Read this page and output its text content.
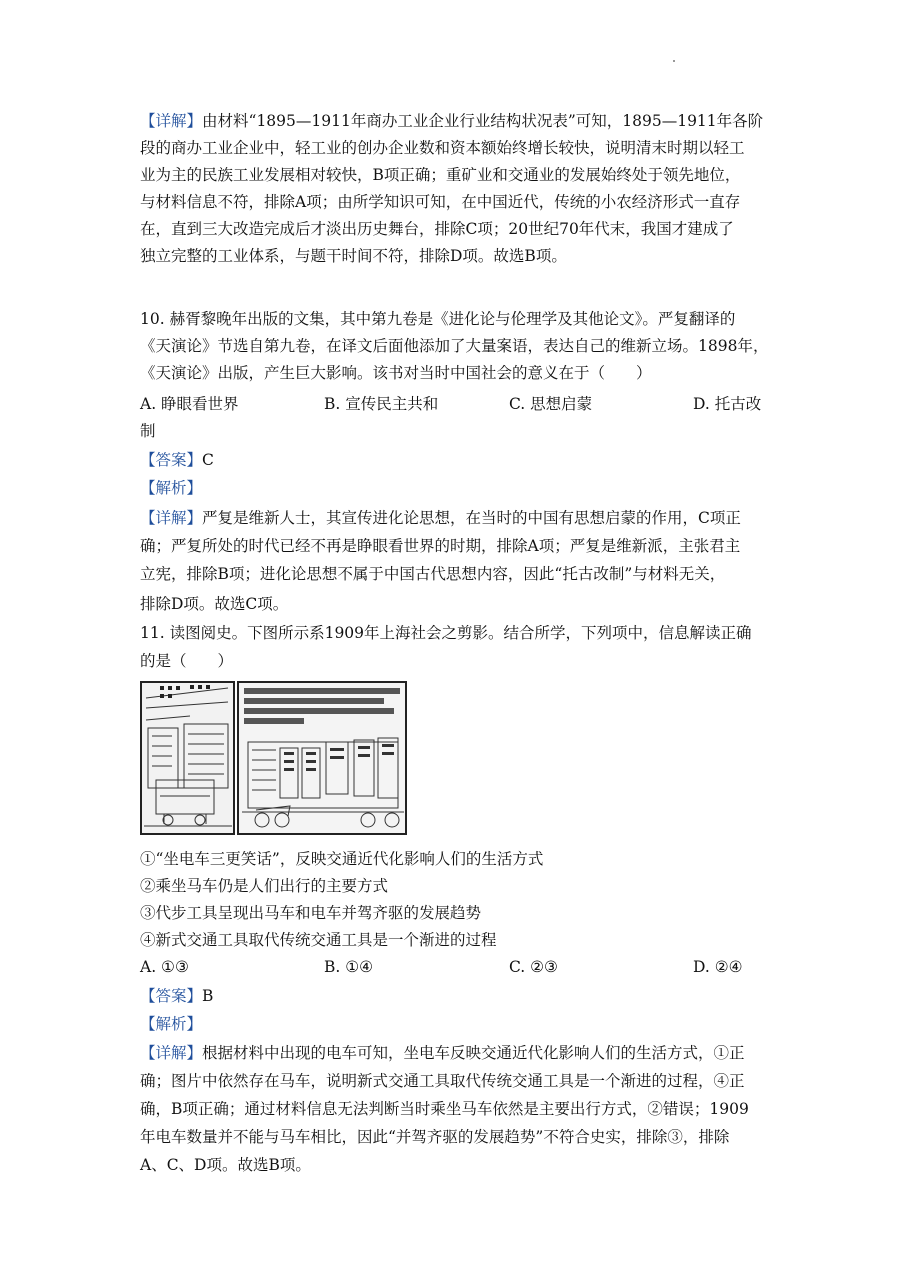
【详解】由材料“1895—1911年商办工业企业行业结构状况表”可知，1895—1911年各阶
段的商办工业企业中，轻工业的创办企业数和资本额始终增长较快，说明清末时期以轻工
业为主的民族工业发展相对较快，B项正确；重矿业和交通业的发展始终处于领先地位，
与材料信息不符，排除A项；由所学知识可知，在中国近代，传统的小农经济形式一直存
在，直到三大改造完成后才淡出历史舞台，排除C项；20世纪70年代末，我国才建成了
独立完整的工业体系，与题干时间不符，排除D项。故选B项。
10. 赫胥黎晚年出版的文集，其中第九卷是《进化论与伦理学及其他论文》。严复翻译的
《天演论》节选自第九卷，在译文后面他添加了大量案语，表达自己的维新立场。1898年，
《天演论》出版，产生巨大影响。该书对当时中国社会的意义在于（　　）
A. 睁眼看世界	B. 宣传民主共和	C. 思想启蒙	D. 托古改
制
【答案】C
【解析】
【详解】严复是维新人士，其宣传进化论思想，在当时的中国有思想启蒙的作用，C项正
确；严复所处的时代已经不再是睁眼看世界的时期，排除A项；严复是维新派，主张君主
立宪，排除B项；进化论思想不属于中国古代思想内容，因此“托古改制”与材料无关，
排除D项。故选C项。
11. 读图阅史。下图所示系1909年上海社会之剪影。结合所学，下列项中，信息解读正确
的是（　　）
①“坐电车三更笑话”，反映交通近代化影响人们的生活方式
②乘坐马车仍是人们出行的主要方式
③代步工具呈现出马车和电车并驾齐驱的发展趋势
④新式交通工具取代传统交通工具是一个渐进的过程
A. ①③	B. ①④	C. ②③	D. ②④
【答案】B
【解析】
【详解】根据材料中出现的电车可知，坐电车反映交通近代化影响人们的生活方式，①正
确；图片中依然存在马车，说明新式交通工具取代传统交通工具是一个渐进的过程，④正
确，B项正确；通过材料信息无法判断当时乘坐马车依然是主要出行方式，②错误；1909
年电车数量并不能与马车相比，因此“并驾齐驱的发展趋势”不符合史实，排除③，排除
A、C、D项。故选B项。
